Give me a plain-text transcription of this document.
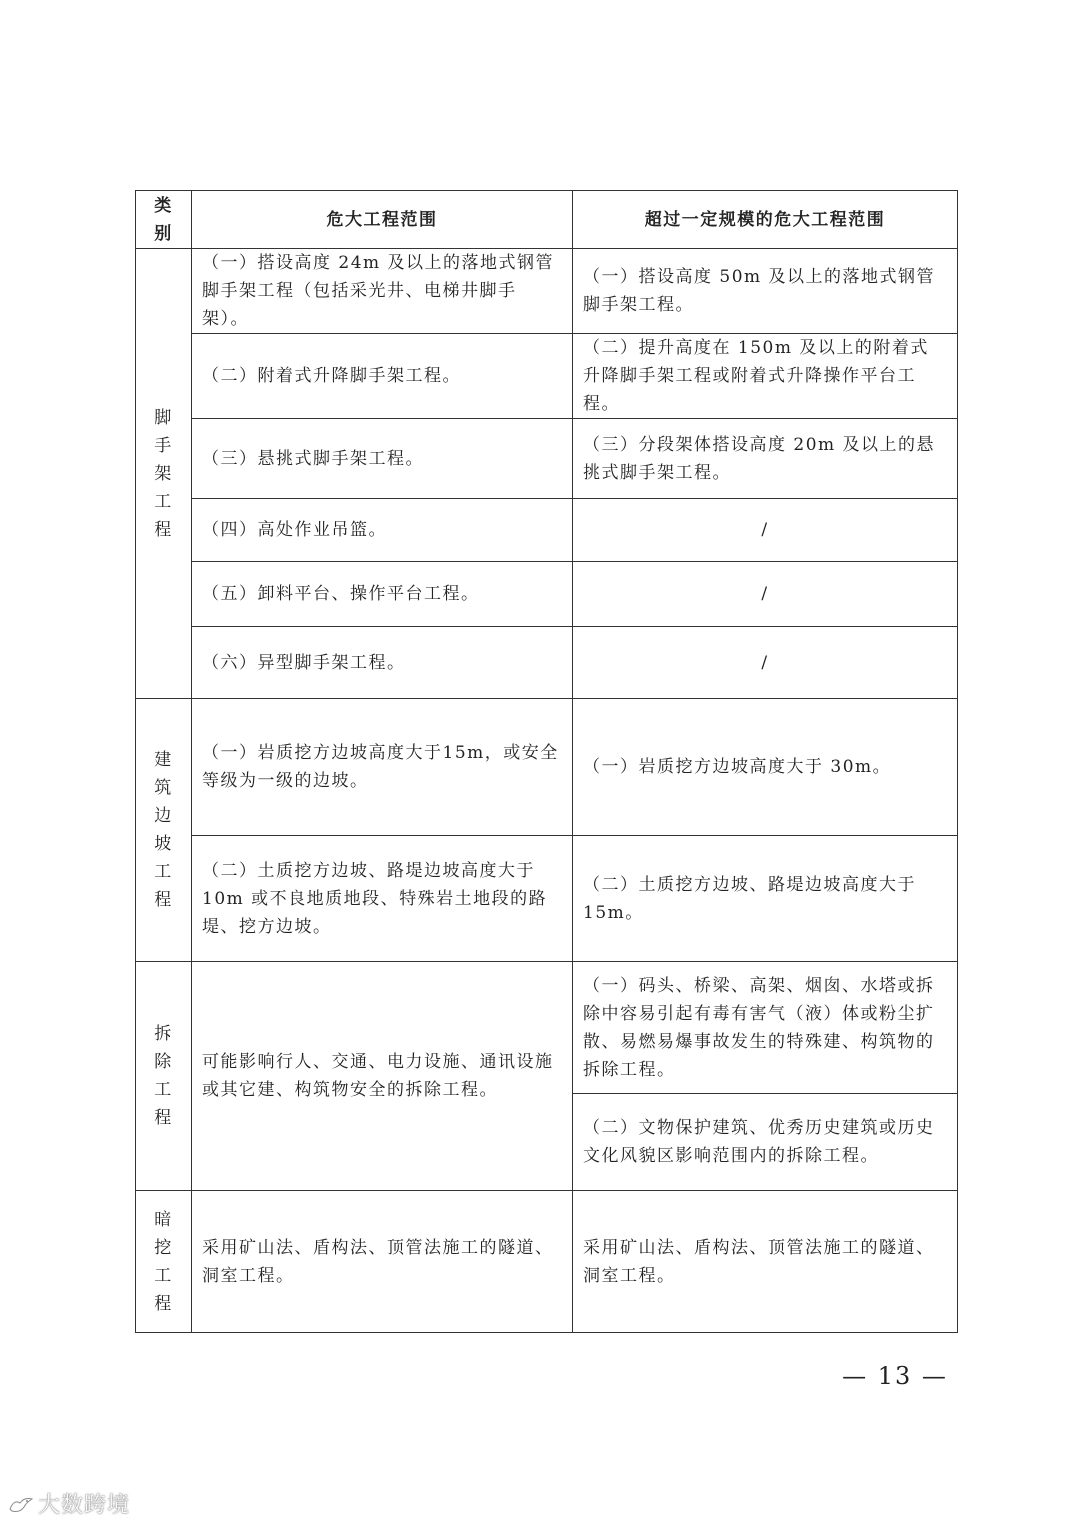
类别	危大工程范围	超过一定规模的危大工程范围

脚手架工程	（一）搭设高度 24m 及以上的落地式钢管脚手架工程（包括采光井、电梯井脚手架）。	（一）搭设高度 50m 及以上的落地式钢管脚手架工程。
	（二）附着式升降脚手架工程。	（二）提升高度在 150m 及以上的附着式升降脚手架工程或附着式升降操作平台工程。
	（三）悬挑式脚手架工程。	（三）分段架体搭设高度 20m 及以上的悬挑式脚手架工程。
	（四）高处作业吊篮。	/
	（五）卸料平台、操作平台工程。	/
	（六）异型脚手架工程。	/

建筑边坡工程	（一）岩质挖方边坡高度大于15m，或安全等级为一级的边坡。	（一）岩质挖方边坡高度大于 30m。
	（二）土质挖方边坡、路堤边坡高度大于 10m 或不良地质地段、特殊岩土地段的路堤、挖方边坡。	（二）土质挖方边坡、路堤边坡高度大于 15m。

拆除工程	可能影响行人、交通、电力设施、通讯设施或其它建、构筑物安全的拆除工程。	（一）码头、桥梁、高架、烟囱、水塔或拆除中容易引起有毒有害气（液）体或粉尘扩散、易燃易爆事故发生的特殊建、构筑物的拆除工程。
		（二）文物保护建筑、优秀历史建筑或历史文化风貌区影响范围内的拆除工程。

暗挖工程	采用矿山法、盾构法、顶管法施工的隧道、洞室工程。	采用矿山法、盾构法、顶管法施工的隧道、洞室工程。
— 13 —
大数跨境
